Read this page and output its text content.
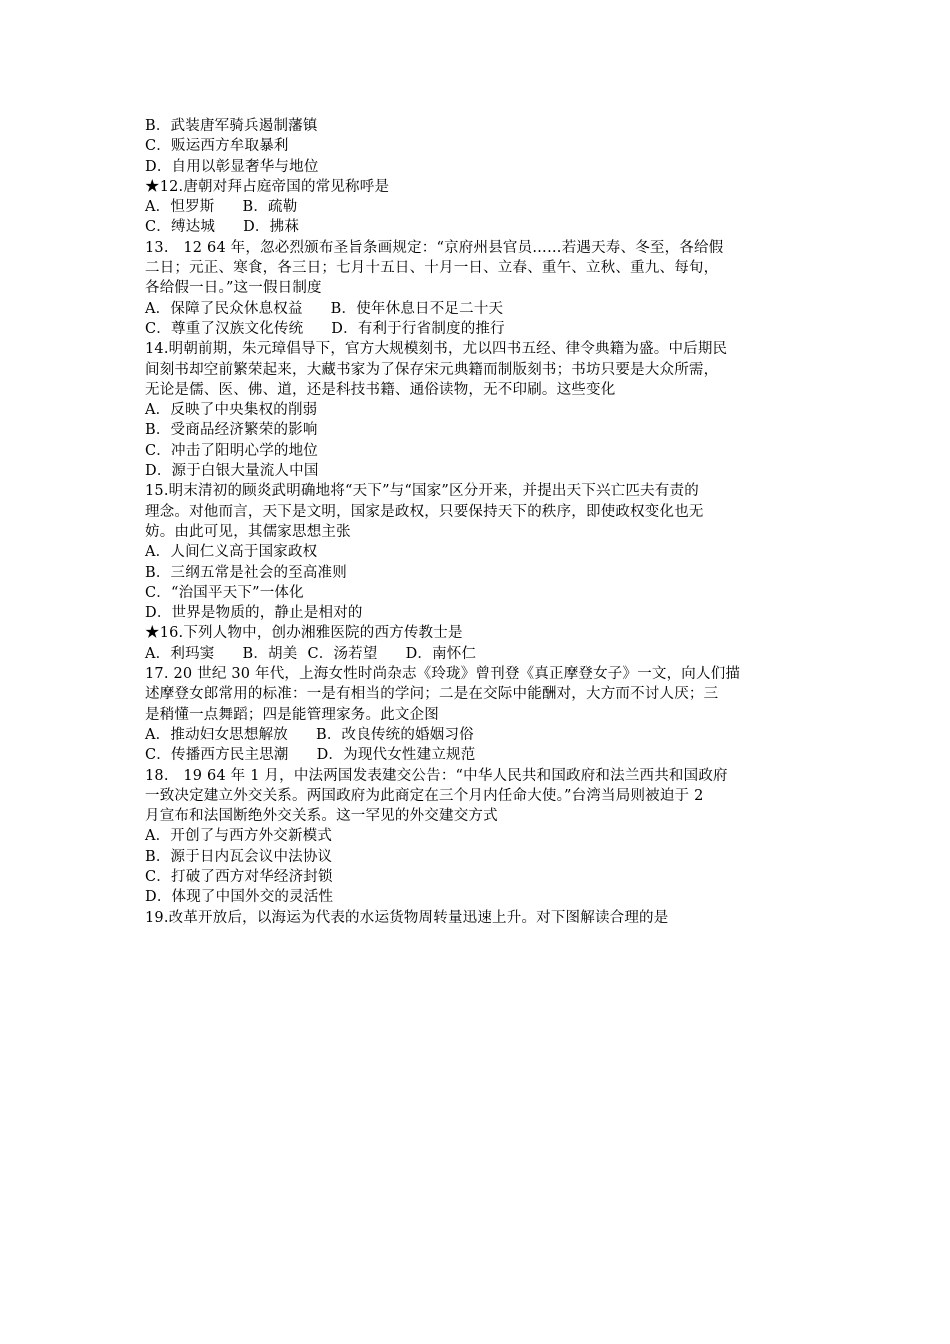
B．武装唐军骑兵遏制藩镇
C．贩运西方牟取暴利
D．自用以彰显奢华与地位
★12.唐朝对拜占庭帝国的常见称呼是
A．怛罗斯 B．疏勒
C．缚达城 D．拂菻
13.　12 64 年，忽必烈颁布圣旨条画规定：“京府州县官员……若遇天寿、冬至，各给假
二日；元正、寒食，各三日；七月十五日、十月一日、立春、重午、立秋、重九、每旬，
各给假一日。”这一假日制度
A．保障了民众休息权益 B．使年休息日不足二十天
C．尊重了汉族文化传统 D．有利于行省制度的推行
14.明朝前期，朱元璋倡导下，官方大规模刻书，尤以四书五经、律令典籍为盛。中后期民
间刻书却空前繁荣起来，大藏书家为了保存宋元典籍而制版刻书；书坊只要是大众所需，
无论是儒、医、佛、道，还是科技书籍、通俗读物，无不印刷。这些变化
A．反映了中央集权的削弱
B．受商品经济繁荣的影响
C．冲击了阳明心学的地位
D．源于白银大量流人中国
15.明末清初的顾炎武明确地将“天下”与“国家”区分开来，并提出天下兴亡匹夫有责的
理念。对他而言，天下是文明，国家是政权，只要保持天下的秩序，即使政权变化也无
妨。由此可见，其儒家思想主张
A．人间仁义高于国家政权
B．三纲五常是社会的至高准则
C．“治国平天下”一体化
D．世界是物质的，静止是相对的
★16.下列人物中，创办湘雅医院的西方传教士是
A．利玛窦 B．胡美 C．汤若望 D．南怀仁
17. 20 世纪 30 年代，上海女性时尚杂志《玲珑》曾刊登《真正摩登女子》一文，向人们描
述摩登女郎常用的标准：一是有相当的学问；二是在交际中能酬对，大方而不讨人厌；三
是稍懂一点舞蹈；四是能管理家务。此文企图
A．推动妇女思想解放 B．改良传统的婚姻习俗
C．传播西方民主思潮 D．为现代女性建立规范
18.　19 64 年 1 月，中法两国发表建交公告：“中华人民共和国政府和法兰西共和国政府
一致决定建立外交关系。两国政府为此商定在三个月内任命大使。”台湾当局则被迫于 2
月宣布和法国断绝外交关系。这一罕见的外交建交方式
A．开创了与西方外交新模式
B．源于日内瓦会议中法协议
C．打破了西方对华经济封锁
D．体现了中国外交的灵活性
19.改革开放后，以海运为代表的水运货物周转量迅速上升。对下图解读合理的是
